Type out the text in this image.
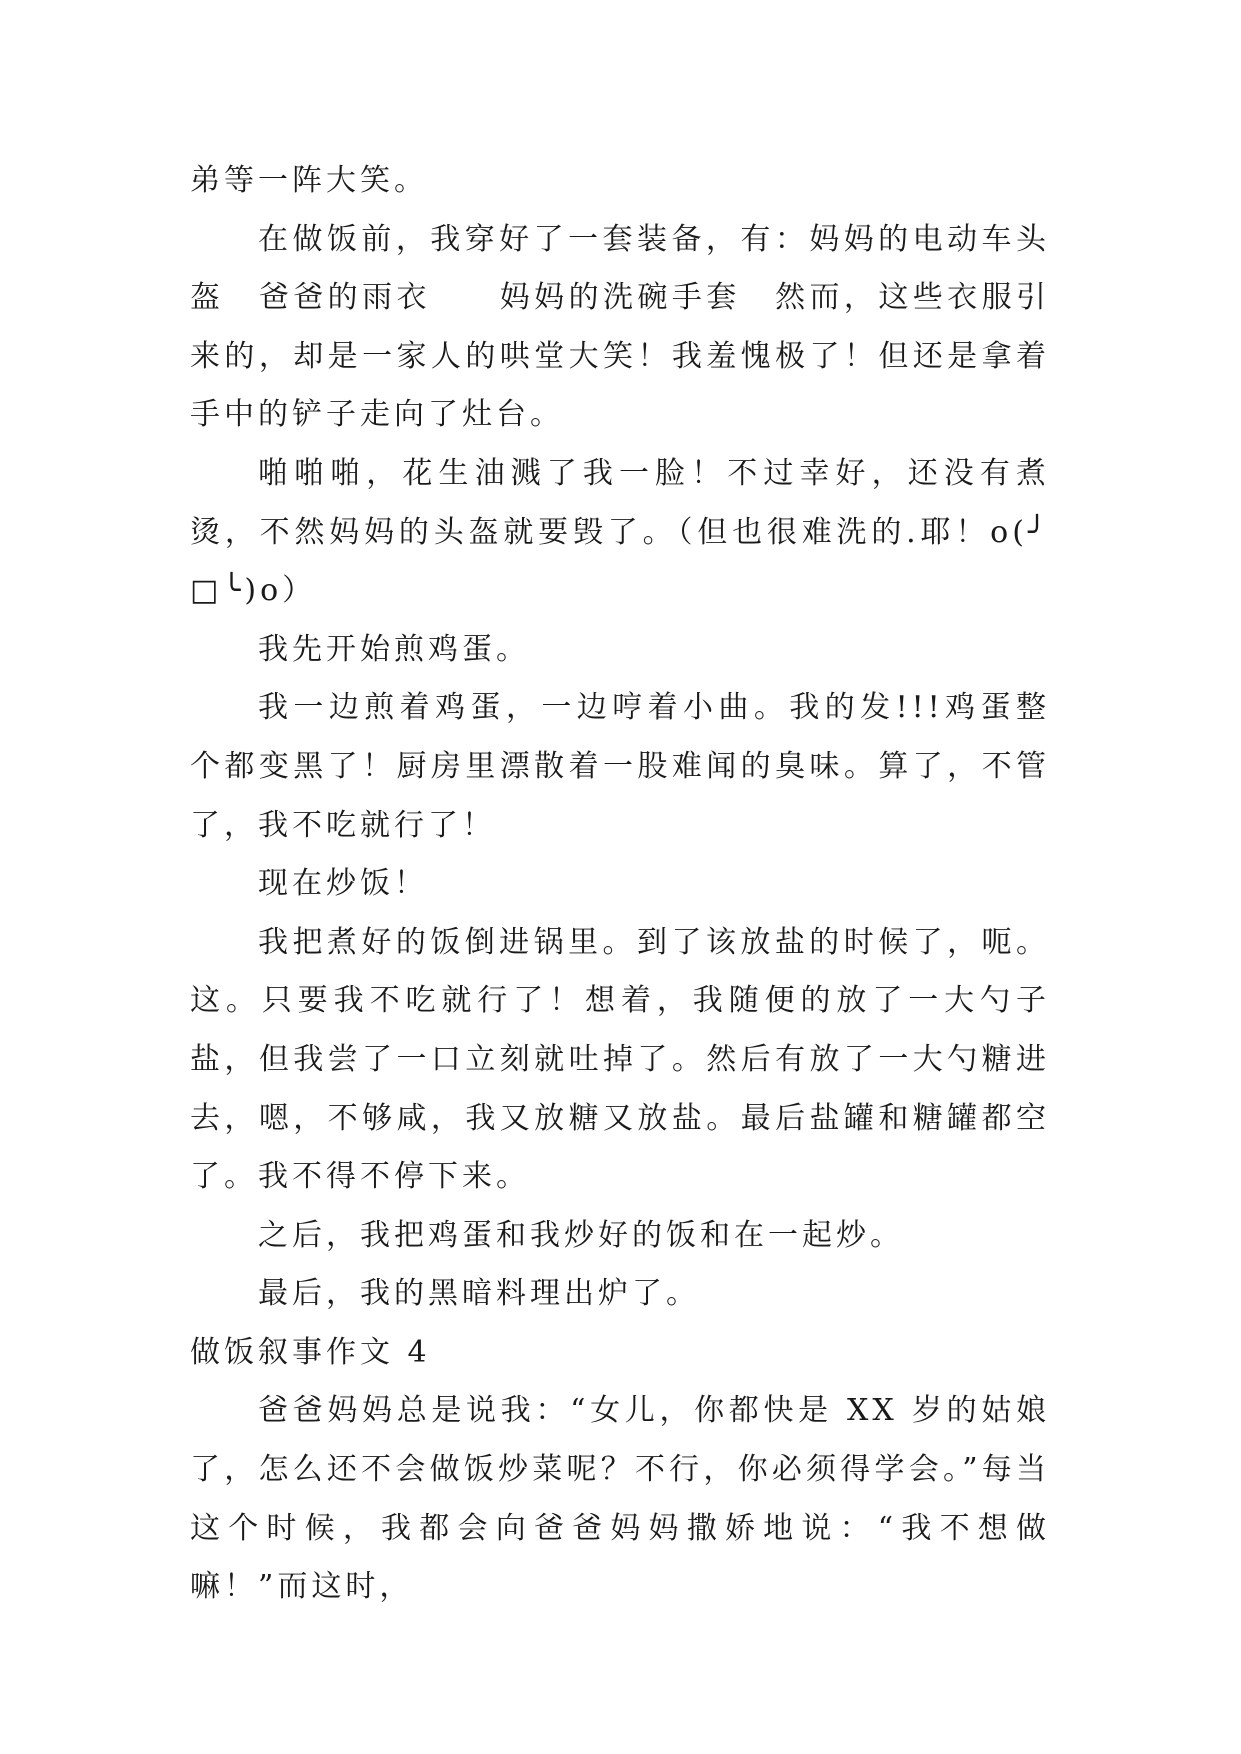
弟等一阵大笑。

在做饭前，我穿好了一套装备，有：妈妈的电动车头盔　爸爸的雨衣　　妈妈的洗碗手套　然而，这些衣服引来的，却是一家人的哄堂大笑！我羞愧极了！但还是拿着手中的铲子走向了灶台。

啪啪啪，花生油溅了我一脸！不过幸好，还没有煮烫，不然妈妈的头盔就要毁了。（但也很难洗的.耶！o(╯□╰)o）

我先开始煎鸡蛋。

我一边煎着鸡蛋，一边哼着小曲。我的发!!!鸡蛋整个都变黑了！厨房里漂散着一股难闻的臭味。算了，不管了，我不吃就行了！

现在炒饭！

我把煮好的饭倒进锅里。到了该放盐的时候了，呃。这。只要我不吃就行了！想着，我随便的放了一大勺子盐，但我尝了一口立刻就吐掉了。然后有放了一大勺糖进去，嗯，不够咸，我又放糖又放盐。最后盐罐和糖罐都空了。我不得不停下来。

之后，我把鸡蛋和我炒好的饭和在一起炒。

最后，我的黑暗料理出炉了。

做饭叙事作文 4

爸爸妈妈总是说我：“女儿，你都快是 XX 岁的姑娘了，怎么还不会做饭炒菜呢？不行，你必须得学会。”每当这个时候，我都会向爸爸妈妈撒娇地说：“我不想做嘛！”而这时，
